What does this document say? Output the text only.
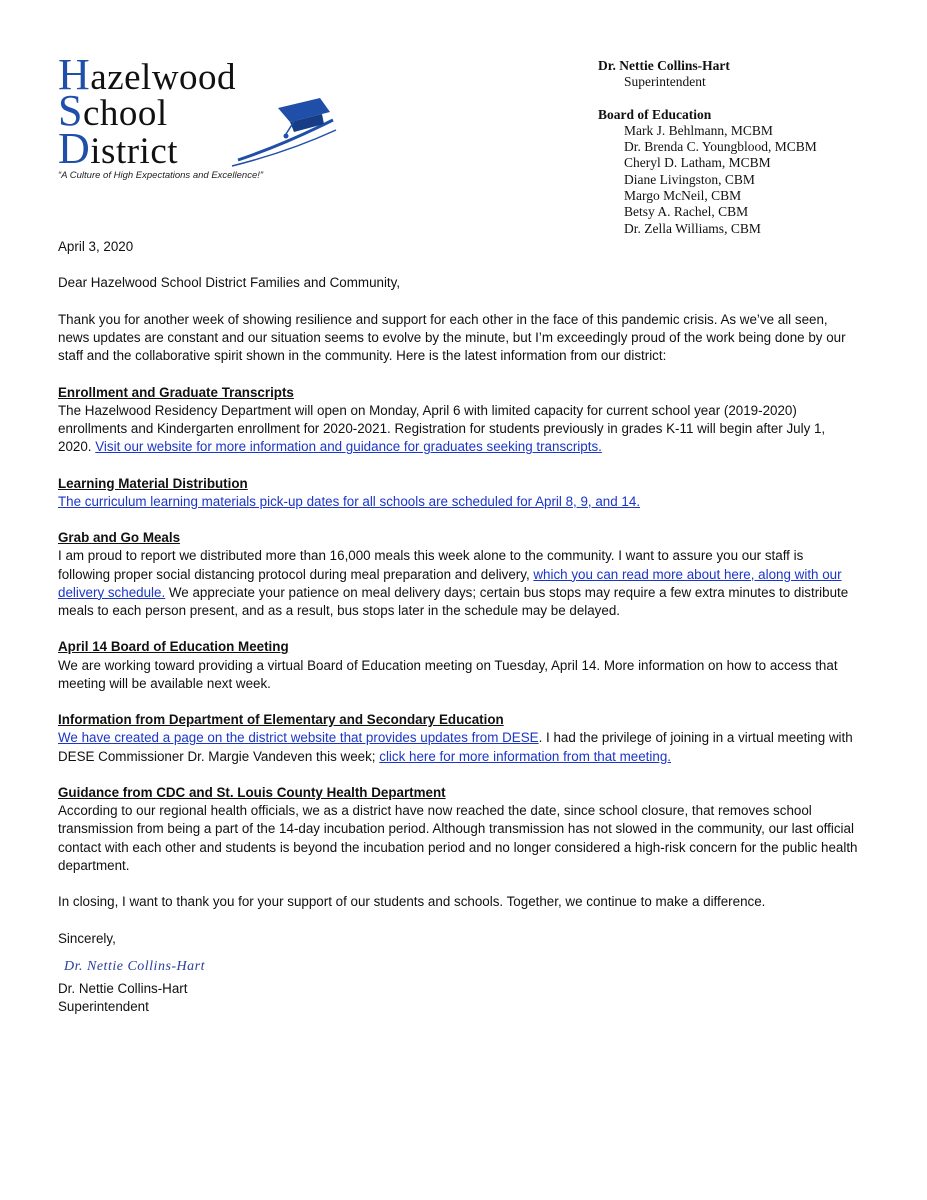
Hazelwood
School
District
“A Culture of High Expectations and Excellence!”
Dr. Nettie Collins-Hart
Superintendent
Board of Education
Mark J. Behlmann, MCBM
Dr. Brenda C. Youngblood, MCBM
Cheryl D. Latham, MCBM
Diane Livingston, CBM
Margo McNeil, CBM
Betsy A. Rachel, CBM
Dr. Zella Williams, CBM

April 3, 2020

Dear Hazelwood School District Families and Community,

Thank you for another week of showing resilience and support for each other in the face of this pandemic crisis. As we’ve all seen, news updates are constant and our situation seems to evolve by the minute, but I’m exceedingly proud of the work being done by our staff and the collaborative spirit shown in the community. Here is the latest information from our district:

Enrollment and Graduate Transcripts
The Hazelwood Residency Department will open on Monday, April 6 with limited capacity for current school year (2019-2020) enrollments and Kindergarten enrollment for 2020-2021. Registration for students previously in grades K-11 will begin after July 1, 2020. Visit our website for more information and guidance for graduates seeking transcripts.

Learning Material Distribution
The curriculum learning materials pick-up dates for all schools are scheduled for April 8, 9, and 14.

Grab and Go Meals
I am proud to report we distributed more than 16,000 meals this week alone to the community. I want to assure you our staff is following proper social distancing protocol during meal preparation and delivery, which you can read more about here, along with our delivery schedule. We appreciate your patience on meal delivery days; certain bus stops may require a few extra minutes to distribute meals to each person present, and as a result, bus stops later in the schedule may be delayed.

April 14 Board of Education Meeting
We are working toward providing a virtual Board of Education meeting on Tuesday, April 14. More information on how to access that meeting will be available next week.

Information from Department of Elementary and Secondary Education
We have created a page on the district website that provides updates from DESE. I had the privilege of joining in a virtual meeting with DESE Commissioner Dr. Margie Vandeven this week; click here for more information from that meeting.

Guidance from CDC and St. Louis County Health Department
According to our regional health officials, we as a district have now reached the date, since school closure, that removes school transmission from being a part of the 14-day incubation period. Although transmission has not slowed in the community, our last official contact with each other and students is beyond the incubation period and no longer considered a high-risk concern for the public health department.

In closing, I want to thank you for your support of our students and schools. Together, we continue to make a difference.

Sincerely,
Dr. Nettie Collins-Hart
Dr. Nettie Collins-Hart
Superintendent
